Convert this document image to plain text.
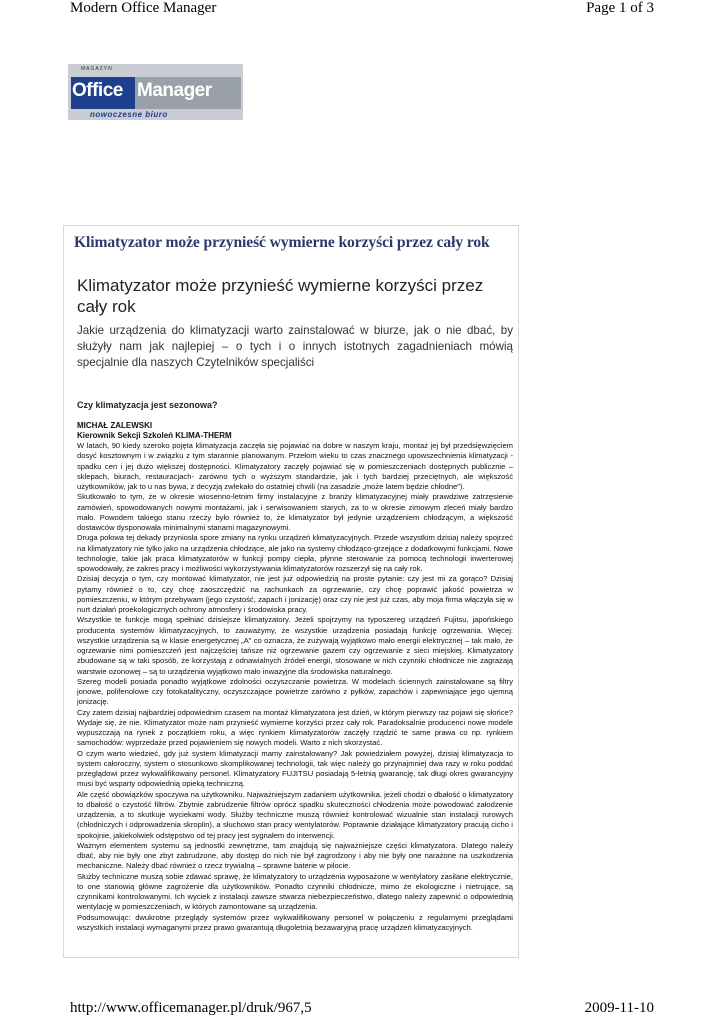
Modern Office Manager	Page 1 of 3
MAGAZYN
Office Manager
nowoczesne biuro
Klimatyzator może przynieść wymierne korzyści przez cały rok
Klimatyzator może przynieść wymierne korzyści przez cały rok
Jakie urządzenia do klimatyzacji warto zainstalować w biurze, jak o nie dbać, by służyły nam jak najlepiej – o tych i o innych istotnych zagadnieniach mówią specjalnie dla naszych Czytelników specjaliści
Czy klimatyzacja jest sezonowa?
MICHAŁ ZALEWSKI
Kierownik Sekcji Szkoleń KLIMA-THERM

W latach, 90 kiedy szeroko pojęta klimatyzacja zaczęła się pojawiać na dobre w naszym kraju, montaż jej był przedsięwzięciem dosyć kosztownym i w związku z tym starannie planowanym. Przełom wieku to czas znacznego upowszechnienia klimatyzacji - spadku cen i jej dużo większej dostępności. Klimatyzatory zaczęły pojawiać się w pomieszczeniach dostępnych publicznie – sklepach, biurach, restauracjach- zarówno tych o wyższym standardzie, jak i tych bardziej przeciętnych, ale większość użytkowników, jak to u nas bywa, z decyzją zwlekało do ostatniej chwili (na zasadzie „może latem będzie chłodne”).

Skutkowało to tym, że w okresie wiosenno-letnim firmy instalacyjne z branży klimatyzacyjnej miały prawdziwe zatrzęsienie zamówień, spowodowanych nowymi montażami, jak i serwisowaniem starych, za to w okresie zimowym zleceń miały bardzo mało. Powodem takiego stanu rzeczy było również to, że klimatyzator był jedynie urządzeniem chłodzącym, a większość dostawców dysponowała minimalnymi stanami magazynowymi.

Druga połowa tej dekady przyniosła spore zmiany na rynku urządzeń klimatyzacyjnych. Przede wszystkim dzisiaj należy spojrzeć na klimatyzatory nie tylko jako na urządzenia chłodzące, ale jako na systemy chłodząco-grzejące z dodatkowymi funkcjami. Nowe technologie, takie jak praca klimatyzatorów w funkcji pompy ciepła, płynne sterowanie za pomocą technologii inwerterowej spowodowały, że zakres pracy i możliwości wykorzystywania klimatyzatorów rozszerzył się na cały rok.

Dzisiaj decyzja o tym, czy montować klimatyzator, nie jest już odpowiedzią na proste pytanie: czy jest mi za gorąco? Dzisiaj pytamy również o to, czy chcę zaoszczędzić na rachunkach za ogrzewanie, czy chcę poprawić jakość powietrza w pomieszczeniu, w którym przebywam (jego czystość, zapach i jonizację) oraz czy nie jest już czas, aby moja firma włączyła się w nurt działań proekologicznych ochrony atmosfery i środowiska pracy.

Wszystkie te funkcje mogą spełniać dzisiejsze klimatyzatory. Jeżeli spojrzymy na typoszereg urządzeń Fujitsu, japońskiego producenta systemów klimatyzacyjnych, to zauważymy, że wszystkie urządzenia posiadają funkcję ogrzewania. Więcej: wszystkie urządzenia są w klasie energetycznej „A” co oznacza, że zużywają wyjątkowo mało energii elektrycznej – tak mało, że ogrzewanie nimi pomieszczeń jest najczęściej tańsze niż ogrzewanie gazem czy ogrzewanie z sieci miejskiej. Klimatyzatory zbudowane są w taki sposób, że korzystają z odnawialnych źródeł energii, stosowane w nich czynniki chłodnicze nie zagrażają warstwie ozonowej – są to urządzenia wyjątkowo mało inwazyjne dla środowiska naturalnego.

Szereg modeli posiada ponadto wyjątkowe zdolności oczyszczanie powietrza. W modelach ściennych zainstalowane są filtry jonowe, polifenolowe czy fotokatalityczny, oczyszczające powietrze zarówno z pyłków, zapachów i zapewniające jego ujemną jonizację.

Czy zatem dzisiaj najbardziej odpowiednim czasem na montaż klimatyzatora jest dzień, w którym pierwszy raz pojawi się słońce? Wydaje się, że nie. Klimatyzator może nam przynieść wymierne korzyści przez cały rok. Paradoksalnie producenci nowe modele wypuszczają na rynek z początkiem roku, a więc rynkiem klimatyzatorów zaczęły rządzić te same prawa co np. rynkiem samochodów: wyprzedaże przed pojawieniem się nowych modeli. Warto z nich skorzystać.

O czym warto wiedzieć, gdy już system klimatyzacji mamy zainstalowany? Jak powiedziałem powyżej, dzisiaj klimatyzacja to system całoroczny, system o stosunkowo skomplikowanej technologii, tak więc należy go przynajmniej dwa razy w roku poddać przeglądowi przez wykwalifikowany personel. Klimatyzatory FUJITSU posiadają 5-letnią gwarancję, tak długi okres gwarancyjny musi być wsparty odpowiednią opieką techniczną.

Ale część obowiązków spoczywa na użytkowniku. Najważniejszym zadaniem użytkownika, jeżeli chodzi o dbałość o klimatyzatory to dbałość o czystość filtrów. Zbytnie zabrudzenie filtrów oprócz spadku skuteczności chłodzenia może powodować załodzenie urządzenia, a to skutkuje wyciekami wody. Służby techniczne muszą również kontrolować wizualnie stan instalacji rurowych (chłodniczych i odprowadzenia skroplin), a słuchowo stan pracy wentylatorów. Poprawnie działające klimatyzatory pracują cicho i spokojnie, jakiekolwiek odstępstwo od tej pracy jest sygnałem do interwencji.

Ważnym elementem systemu są jednostki zewnętrzne, tam znajdują się najważniejsze części klimatyzatora. Dlatego należy dbać, aby nie były one zbyt zabrudzone, aby dostęp do nich nie był zagrodzony i aby nie były one narażone na uszkodzenia mechaniczne. Należy dbać również o rzecz trywialną – sprawne baterie w pilocie.

Służby techniczne muszą sobie zdawać sprawę, że klimatyzatory to urządzenia wyposażone w wentylatory zasilane elektrycznie, to one stanowią główne zagrożenie dla użytkowników. Ponadto czynniki chłodnicze, mimo że ekologiczne i nietrujące, są czynnikami kontrolowanymi. Ich wyciek z instalacji zawsze stwarza niebezpieczeństwo, dlatego należy zapewnić o odpowiednią wentylację w pomieszczeniach, w których zamontowane są urządzenia.

Podsumowując: dwukrotne przeglądy systemów przez wykwalifikowany personel w połączeniu z regularnymi przeglądami wszystkich instalacji wymaganymi przez prawo gwarantują długoletnią bezawaryjną pracę urządzeń klimatyzacyjnych.

http://www.officemanager.pl/druk/967,5	2009-11-10
